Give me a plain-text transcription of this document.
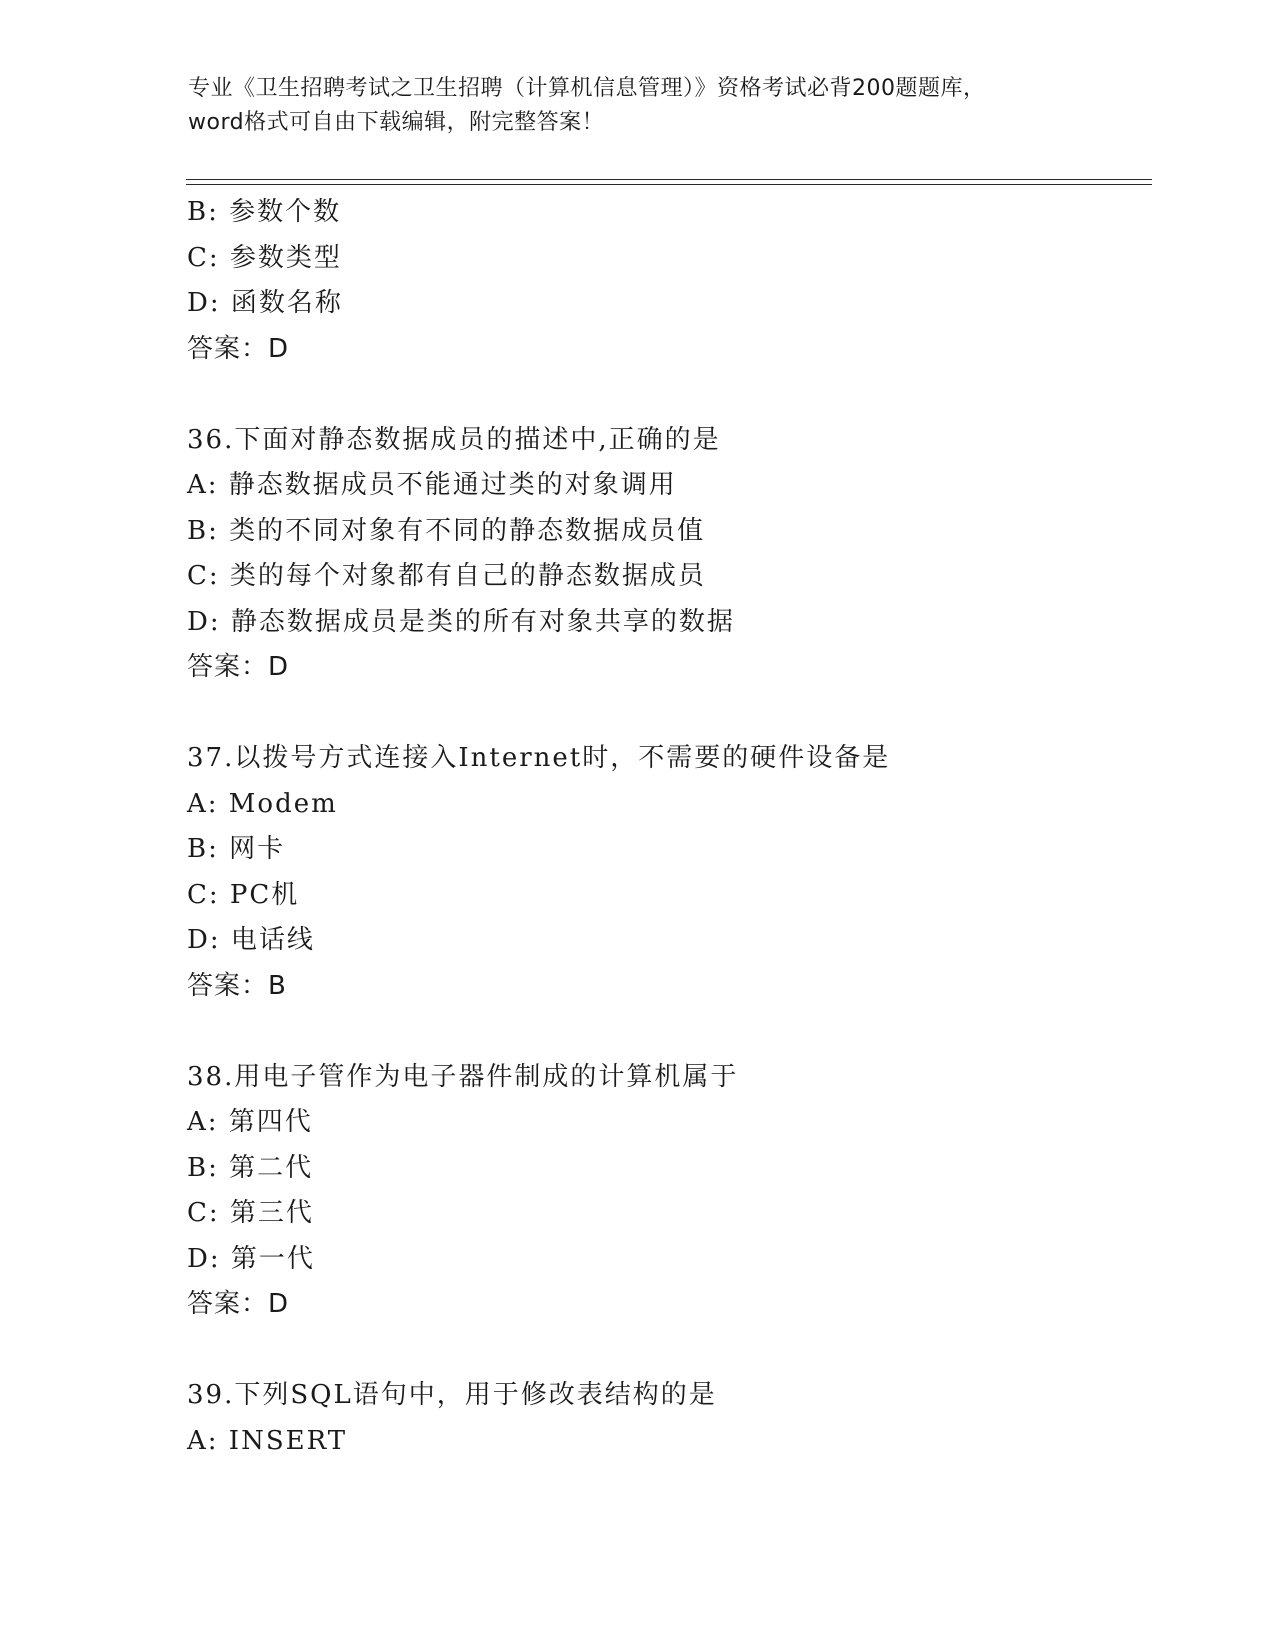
专业《卫生招聘考试之卫生招聘（计算机信息管理）》资格考试必背200题题库，

word格式可自由下载编辑，附完整答案！

B: 参数个数
C: 参数类型
D: 函数名称
答案：D
36.下面对静态数据成员的描述中,正确的是
A: 静态数据成员不能通过类的对象调用
B: 类的不同对象有不同的静态数据成员值
C: 类的每个对象都有自己的静态数据成员
D: 静态数据成员是类的所有对象共享的数据
答案：D
37.以拨号方式连接入Internet时，不需要的硬件设备是
A: Modem
B: 网卡
C: PC机
D: 电话线
答案：B
38.用电子管作为电子器件制成的计算机属于
A: 第四代
B: 第二代
C: 第三代
D: 第一代
答案：D
39.下列SQL语句中，用于修改表结构的是
A: INSERT
